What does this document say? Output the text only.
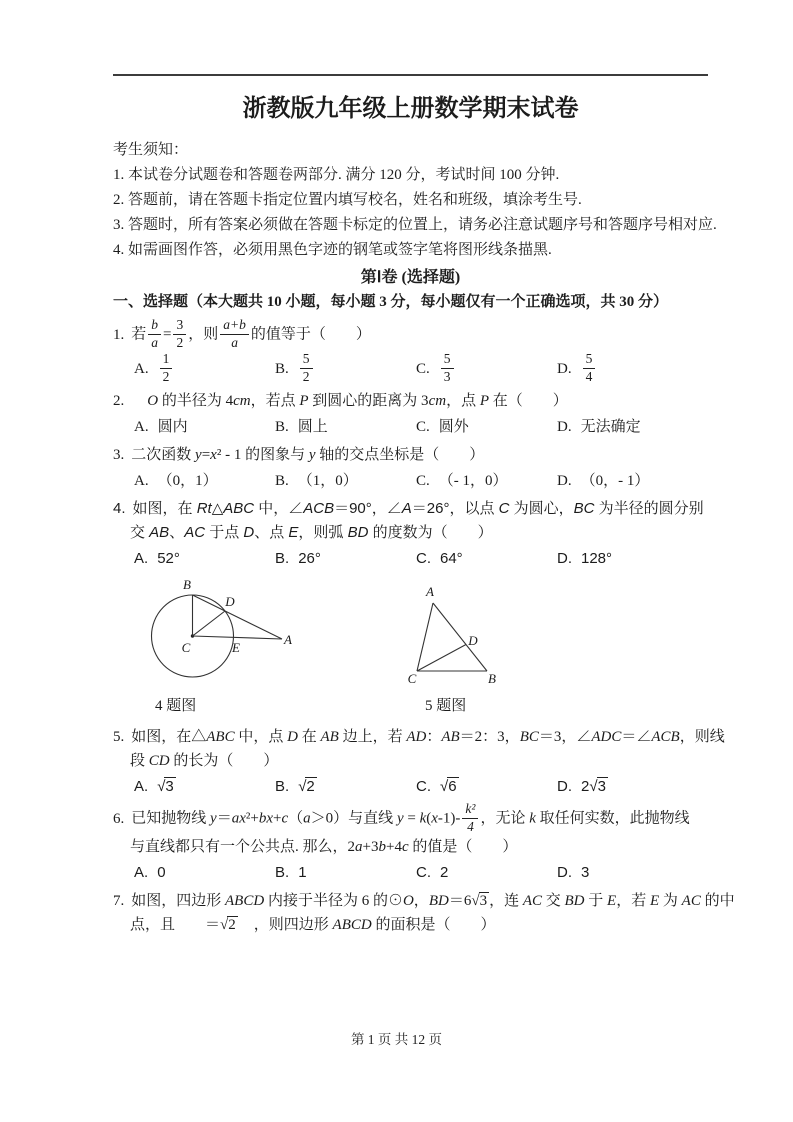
浙教版九年级上册数学期末试卷
考生须知：
1. 本试卷分试题卷和答题卷两部分. 满分 120 分，考试时间 100 分钟.
2. 答题前，请在答题卡指定位置内填写校名，姓名和班级，填涂考生号.
3. 答题时，所有答案必须做在答题卡标定的位置上，请务必注意试题序号和答题序号相对应.
4. 如需画图作答，必须用黑色字迹的钢笔或签字笔将图形线条描黑.
第Ⅰ卷 (选择题)
一、选择题（本大题共 10 小题，每小题 3 分，每小题仅有一个正确选项，共 30 分）
1. 若 $\frac{b}{a} = \frac{3}{2}$ ，则 $\frac{a+b}{a}$ 的值等于（　　）
A. $\frac{1}{2}$	B. $\frac{5}{2}$	C. $\frac{5}{3}$	D. $\frac{5}{4}$
2. O 的半径为 4cm，若点 P 到圆心的距离为 3cm，点 P 在（　　）
A. 圆内	B. 圆上	C. 圆外	D. 无法确定
3. 二次函数 y=x² - 1 的图象与 y 轴的交点坐标是（　　）
A. （0，1）	B. （1，0）	C. （- 1，0）	D. （0，- 1）
4. 如图，在 Rt△ABC 中，∠ACB＝90°，∠A＝26°，以点 C 为圆心，BC 为半径的圆分别
交 AB、AC 于点 D、点 E，则弧 BD 的度数为（　　）
A. 52°	B. 26°	C. 64°	D. 128°
B
D
C	E
A
A
D
C	B
4 题图	5 题图
5. 如图，在△ABC 中，点 D 在 AB 边上，若 AD：AB＝2：3，BC＝3，∠ADC＝∠ACB，则线
段 CD 的长为（　　）
A. √3	B. √2	C. √6	D. 2√3
6. 已知抛物线 y＝ax²+bx+c（a＞0）与直线 $y = k(x-1)- \frac{\text{k²}}{4}$ ，无论 k 取任何实数，此抛物线
与直线都只有一个公共点. 那么，2a+3b+4c 的值是（　　）
A. 0	B. 1	C. 2	D. 3
7. 如图，四边形 ABCD 内接于半径为 6 的⊙O，BD＝6√3 ，连 AC 交 BD 于 E，若 E 为 AC 的中
点，且 ＝√2 ，则四边形 ABCD 的面积是（　　）
第 1 页 共 12 页
